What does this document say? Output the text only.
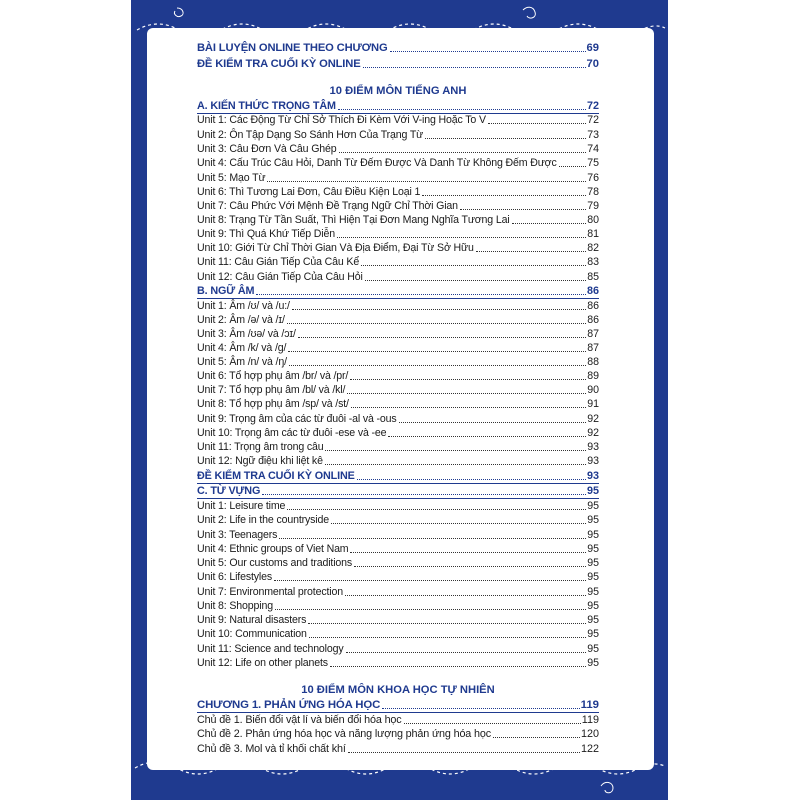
BÀI LUYỆN ONLINE THEO CHƯƠNG	69
ĐỀ KIỂM TRA CUỐI KỲ ONLINE	70
10 ĐIỂM MÔN TIẾNG ANH
A. KIẾN THỨC TRỌNG TÂM	72
Unit 1: Các Động Từ Chỉ Sở Thích Đi Kèm Với V-ing Hoặc To V	72
Unit 2: Ôn Tập Dạng So Sánh Hơn Của Trạng Từ	73
Unit 3: Câu Đơn Và Câu Ghép	74
Unit 4: Cấu Trúc Câu Hỏi, Danh Từ Đếm Được Và Danh Từ Không Đếm Được	75
Unit 5: Mạo Từ	76
Unit 6: Thì Tương Lai Đơn, Câu Điều Kiện Loại 1	78
Unit 7: Câu Phức Với Mệnh Đề Trạng Ngữ Chỉ Thời Gian	79
Unit 8: Trạng Từ Tần Suất, Thì Hiện Tại Đơn Mang Nghĩa Tương Lai	80
Unit 9: Thì Quá Khứ Tiếp Diễn	81
Unit 10: Giới Từ Chỉ Thời Gian Và Địa Điểm, Đại Từ Sở Hữu	82
Unit 11: Câu Gián Tiếp Của Câu Kể	83
Unit 12: Câu Gián Tiếp Của Câu Hỏi	85
B. NGỮ ÂM	86
Unit 1: Âm /ʊ/ và /u:/	86
Unit 2: Âm /ə/ và /ɪ/	86
Unit 3: Âm /ʊə/ và /ɔɪ/	87
Unit 4: Âm /k/ và /g/	87
Unit 5: Âm /n/ và /ŋ/	88
Unit 6: Tổ hợp phụ âm /br/ và /pr/	89
Unit 7: Tổ hợp phụ âm /bl/ và /kl/	90
Unit 8: Tổ hợp phụ âm /sp/ và /st/	91
Unit 9: Trọng âm của các từ đuôi -al và -ous	92
Unit 10: Trọng âm các từ đuôi -ese và -ee	92
Unit 11: Trọng âm trong câu	93
Unit 12: Ngữ điệu khi liệt kê	93
ĐỀ KIỂM TRA CUỐI KỲ ONLINE	93
C. TỪ VỰNG	95
Unit 1: Leisure time	95
Unit 2: Life in the countryside	95
Unit 3: Teenagers	95
Unit 4: Ethnic groups of Viet Nam	95
Unit 5: Our customs and traditions	95
Unit 6: Lifestyles	95
Unit 7: Environmental protection	95
Unit 8: Shopping	95
Unit 9: Natural disasters	95
Unit 10: Communication	95
Unit 11: Science and technology	95
Unit 12: Life on other planets	95
10 ĐIỂM MÔN KHOA HỌC TỰ NHIÊN
CHƯƠNG 1. PHẢN ỨNG HÓA HỌC	119
Chủ đề 1. Biến đổi vật lí và biến đổi hóa học	119
Chủ đề 2. Phản ứng hóa học và năng lượng phản ứng hóa học	120
Chủ đề 3. Mol và tỉ khối chất khí	122
